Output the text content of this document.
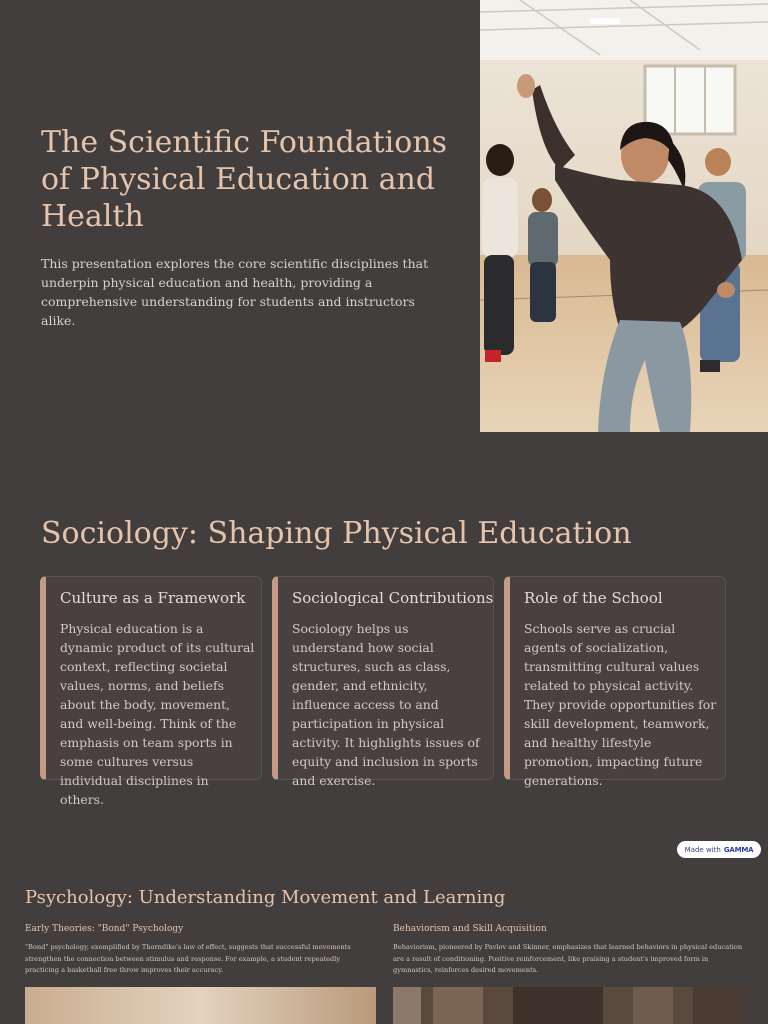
The Scientific Foundations of Physical Education and Health

This presentation explores the core scientific disciplines that underpin physical education and health, providing a comprehensive understanding for students and instructors alike.

Sociology: Shaping Physical Education
Culture as a Framework

Physical education is a dynamic product of its cultural context, reflecting societal values, norms, and beliefs about the body, movement, and well-being. Think of the emphasis on team sports in some cultures versus individual disciplines in others.

Sociological Contributions

Sociology helps us understand how social structures, such as class, gender, and ethnicity, influence access to and participation in physical activity. It highlights issues of equity and inclusion in sports and exercise.

Role of the School

Schools serve as crucial agents of socialization, transmitting cultural values related to physical activity. They provide opportunities for skill development, teamwork, and healthy lifestyle promotion, impacting future generations.

Made with GAMMA
Psychology: Understanding Movement and Learning
Early Theories: "Bond" Psychology

"Bond" psychology, exemplified by Thorndike's law of effect, suggests that successful movements strengthen the connection between stimulus and response. For example, a student repeatedly practicing a basketball free throw improves their accuracy.

Behaviorism and Skill Acquisition

Behaviorism, pioneered by Pavlov and Skinner, emphasizes that learned behaviors in physical education are a result of conditioning. Positive reinforcement, like praising a student's improved form in gymnastics, reinforces desired movements.
